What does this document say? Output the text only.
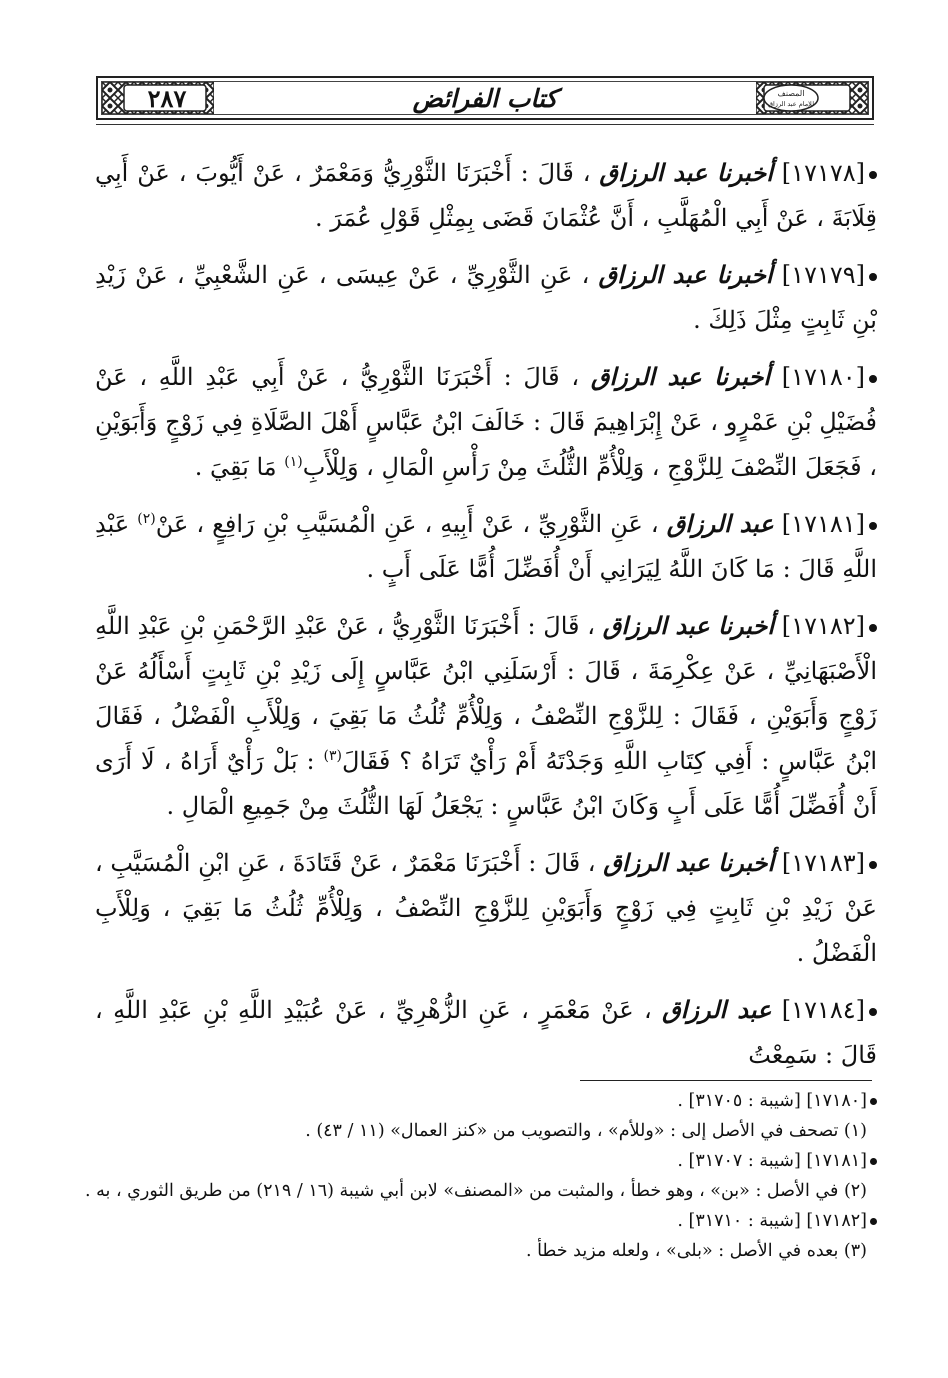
٢٨٧	كتاب الفرائض	المصنف
للإمام عبد الرزاق

[١٧١٧٨] أخبرنا عبد الرزاق ، قَالَ : أَخْبَرَنَا الثَّوْرِيُّ وَمَعْمَرٌ ، عَنْ أَيُّوبَ ، عَنْ أَبِي قِلَابَةَ ، عَنْ أَبِي الْمُهَلَّبِ ، أَنَّ عُثْمَانَ قَضَى بِمِثْلِ قَوْلِ عُمَرَ .

[١٧١٧٩] أخبرنا عبد الرزاق ، عَنِ الثَّوْرِيِّ ، عَنْ عِيسَى ، عَنِ الشَّعْبِيِّ ، عَنْ زَيْدِ بْنِ ثَابِتٍ مِثْلَ ذَلِكَ .

[١٧١٨٠] أخبرنا عبد الرزاق ، قَالَ : أَخْبَرَنَا الثَّوْرِيُّ ، عَنْ أَبِي عَبْدِ اللَّهِ ، عَنْ فُضَيْلِ بْنِ عَمْرٍو ، عَنْ إِبْرَاهِيمَ قَالَ : خَالَفَ ابْنُ عَبَّاسٍ أَهْلَ الصَّلَاةِ فِي زَوْجٍ وَأَبَوَيْنِ ، فَجَعَلَ النِّصْفَ لِلزَّوْجِ ، وَلِلْأُمِّ الثُّلُثَ مِنْ رَأْسِ الْمَالِ ، وَلِلْأَبِ$^{(١)}$ مَا بَقِيَ .

[١٧١٨١] عبد الرزاق ، عَنِ الثَّوْرِيِّ ، عَنْ أَبِيهِ ، عَنِ الْمُسَيَّبِ بْنِ رَافِعٍ ، عَنْ$^{(٢)}$ عَبْدِ اللَّهِ قَالَ : مَا كَانَ اللَّهُ لِيَرَانِي أَنْ أُفَضِّلَ أُمًّا عَلَى أَبٍ .

[١٧١٨٢] أخبرنا عبد الرزاق ، قَالَ : أَخْبَرَنَا الثَّوْرِيُّ ، عَنْ عَبْدِ الرَّحْمَنِ بْنِ عَبْدِ اللَّهِ الْأَصْبَهَانِيِّ ، عَنْ عِكْرِمَةَ ، قَالَ : أَرْسَلَنِي ابْنُ عَبَّاسٍ إِلَى زَيْدِ بْنِ ثَابِتٍ أَسْأَلُهُ عَنْ زَوْجٍ وَأَبَوَيْنِ ، فَقَالَ : لِلزَّوْجِ النِّصْفُ ، وَلِلْأُمِّ ثُلُثُ مَا بَقِيَ ، وَلِلْأَبِ الْفَضْلُ ، فَقَالَ ابْنُ عَبَّاسٍ : أَفِي كِتَابِ اللَّهِ وَجَدْتَهُ أَمْ رَأْيٌ تَرَاهُ ؟ فَقَالَ$^{(٣)}$ : بَلْ رَأْيٌ أَرَاهُ ، لَا أَرَى أَنْ أُفَضِّلَ أُمًّا عَلَى أَبٍ وَكَانَ ابْنُ عَبَّاسٍ : يَجْعَلُ لَهَا الثُّلُثَ مِنْ جَمِيعِ الْمَالِ .

[١٧١٨٣] أخبرنا عبد الرزاق ، قَالَ : أَخْبَرَنَا مَعْمَرٌ ، عَنْ قَتَادَةَ ، عَنِ ابْنِ الْمُسَيَّبِ ، عَنْ زَيْدِ بْنِ ثَابِتٍ فِي زَوْجٍ وَأَبَوَيْنِ لِلزَّوْجِ النِّصْفُ ، وَلِلْأُمِّ ثُلُثُ مَا بَقِيَ ، وَلِلْأَبِ الْفَضْلُ .

[١٧١٨٤] عبد الرزاق ، عَنْ مَعْمَرٍ ، عَنِ الزُّهْرِيِّ ، عَنْ عُبَيْدِ اللَّهِ بْنِ عَبْدِ اللَّهِ ، قَالَ : سَمِعْتُ

[١٧١٨٠] [شيبة : ٣١٧٠٥] .

(١) تصحف في الأصل إلى : «وللأم» ، والتصويب من «كنز العمال» (١١ / ٤٣) .

[١٧١٨١] [شيبة : ٣١٧٠٧] .

(٢) في الأصل : «بن» ، وهو خطأ ، والمثبت من «المصنف» لابن أبي شيبة (١٦ / ٢١٩) من طريق الثوري ، به .

[١٧١٨٢] [شيبة : ٣١٧١٠] .

(٣) بعده في الأصل : «بلى» ، ولعله مزيد خطأ .
